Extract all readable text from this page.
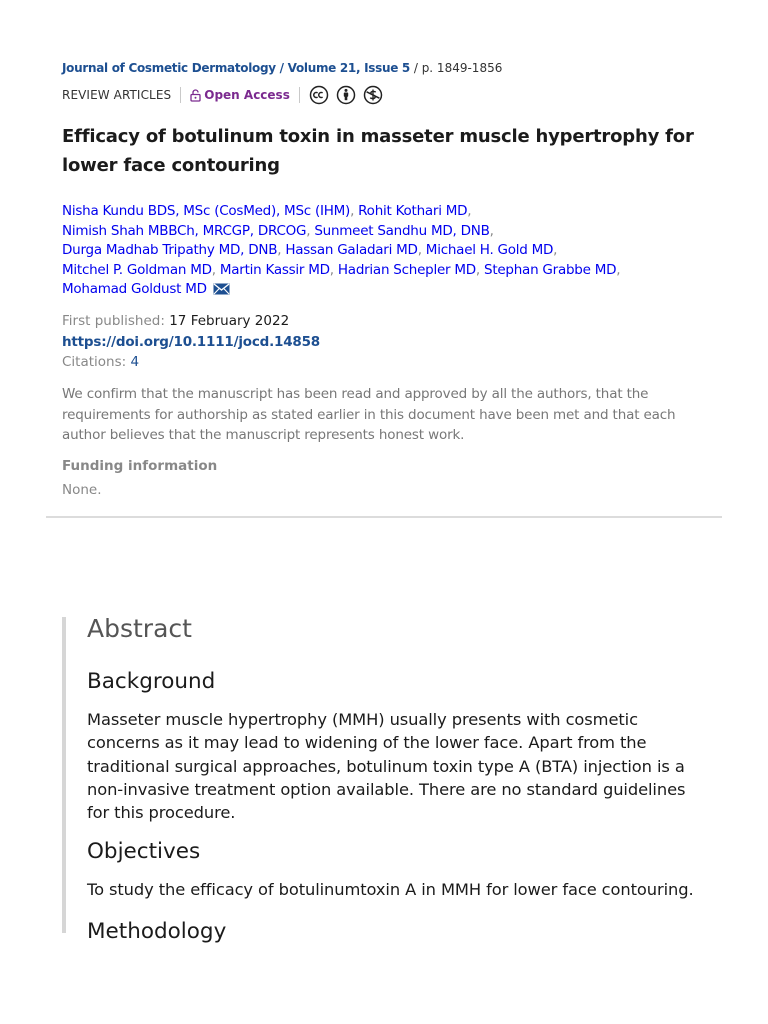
Journal of Cosmetic Dermatology / Volume 21, Issue 5 / p. 1849-1856
REVIEW ARTICLES	Open Access
Efficacy of botulinum toxin in masseter muscle hypertrophy for lower face contouring
Nisha Kundu BDS, MSc (CosMed), MSc (IHM), Rohit Kothari MD,
Nimish Shah MBBCh, MRCGP, DRCOG, Sunmeet Sandhu MD, DNB,
Durga Madhab Tripathy MD, DNB, Hassan Galadari MD, Michael H. Gold MD,
Mitchel P. Goldman MD, Martin Kassir MD, Hadrian Schepler MD, Stephan Grabbe MD,
Mohamad Goldust MD
First published: 17 February 2022
https://doi.org/10.1111/jocd.14858
Citations: 4

We confirm that the manuscript has been read and approved by all the authors, that the requirements for authorship as stated earlier in this document have been met and that each author believes that the manuscript represents honest work.

Funding information
None.
Abstract
Background

Masseter muscle hypertrophy (MMH) usually presents with cosmetic concerns as it may lead to widening of the lower face. Apart from the traditional surgical approaches, botulinum toxin type A (BTA) injection is a non-invasive treatment option available. There are no standard guidelines for this procedure.

Objectives

To study the efficacy of botulinumtoxin A in MMH for lower face contouring.

Methodology
